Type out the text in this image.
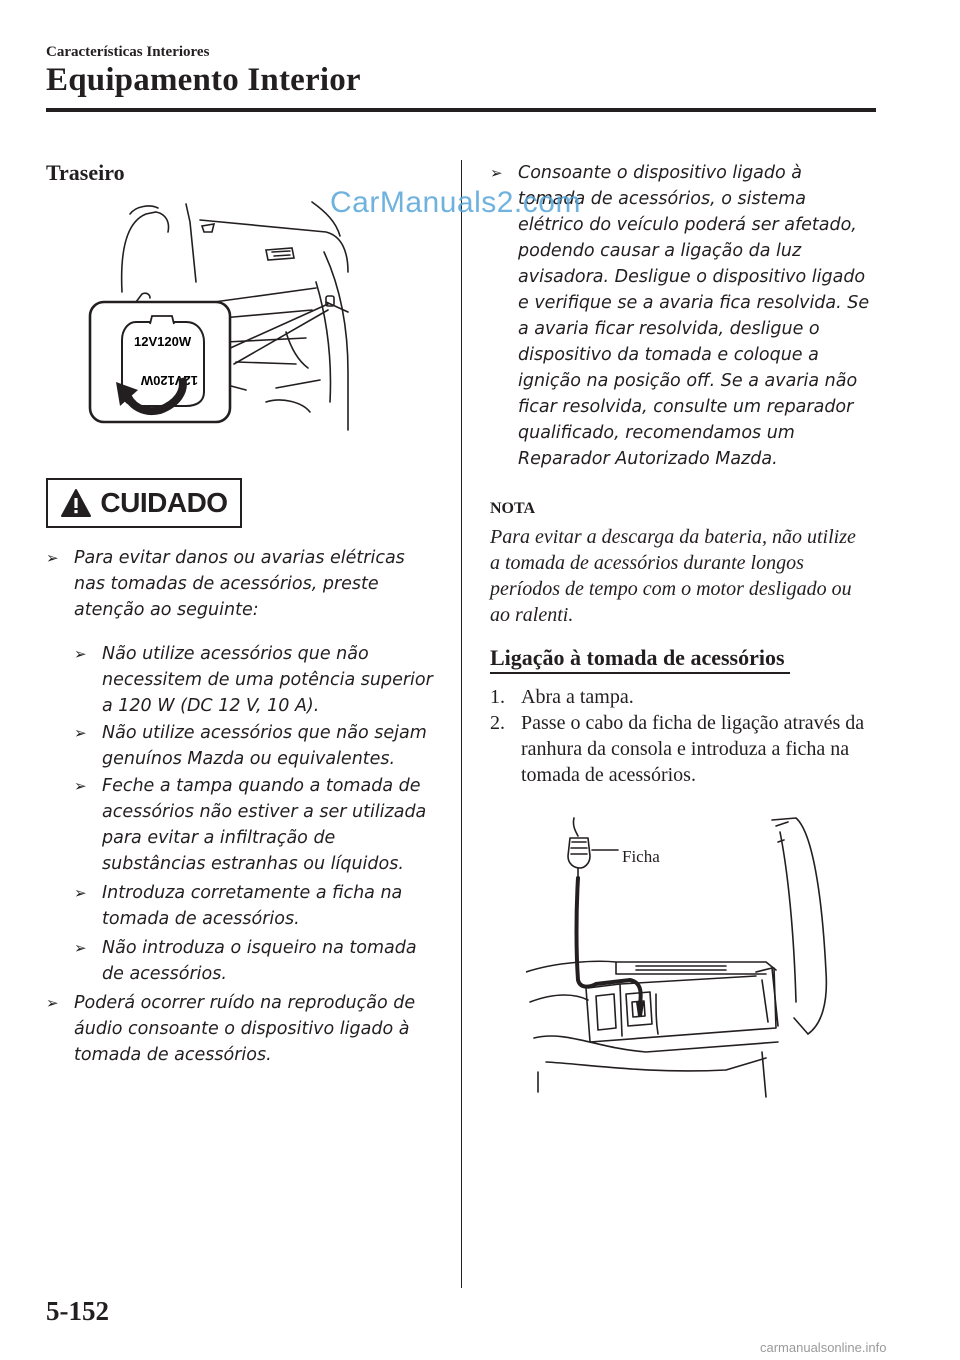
Características Interiores
Equipamento Interior
Traseiro
12V120W
12V120W
CUIDADO
➢ Para evitar danos ou avarias elétricas nas tomadas de acessórios, preste atenção ao seguinte:
➢ Não utilize acessórios que não necessitem de uma potência superior a 120 W (DC 12 V, 10 A).
➢ Não utilize acessórios que não sejam genuínos Mazda ou equivalentes.
➢ Feche a tampa quando a tomada de acessórios não estiver a ser utilizada para evitar a infiltração de substâncias estranhas ou líquidos.
➢ Introduza corretamente a ficha na tomada de acessórios.
➢ Não introduza o isqueiro na tomada de acessórios.
➢ Poderá ocorrer ruído na reprodução de áudio consoante o dispositivo ligado à tomada de acessórios.
➢ Consoante o dispositivo ligado à tomada de acessórios, o sistema elétrico do veículo poderá ser afetado, podendo causar a ligação da luz avisadora. Desligue o dispositivo ligado e verifique se a avaria fica resolvida. Se a avaria ficar resolvida, desligue o dispositivo da tomada e coloque a ignição na posição off. Se a avaria não ficar resolvida, consulte um reparador qualificado, recomendamos um Reparador Autorizado Mazda.
NOTA
Para evitar a descarga da bateria, não utilize a tomada de acessórios durante longos períodos de tempo com o motor desligado ou ao ralenti.
Ligação à tomada de acessórios
1. Abra a tampa.
2. Passe o cabo da ficha de ligação através da ranhura da consola e introduza a ficha na tomada de acessórios.
Ficha
CarManuals2.com
5-152
carmanualsonline.info
